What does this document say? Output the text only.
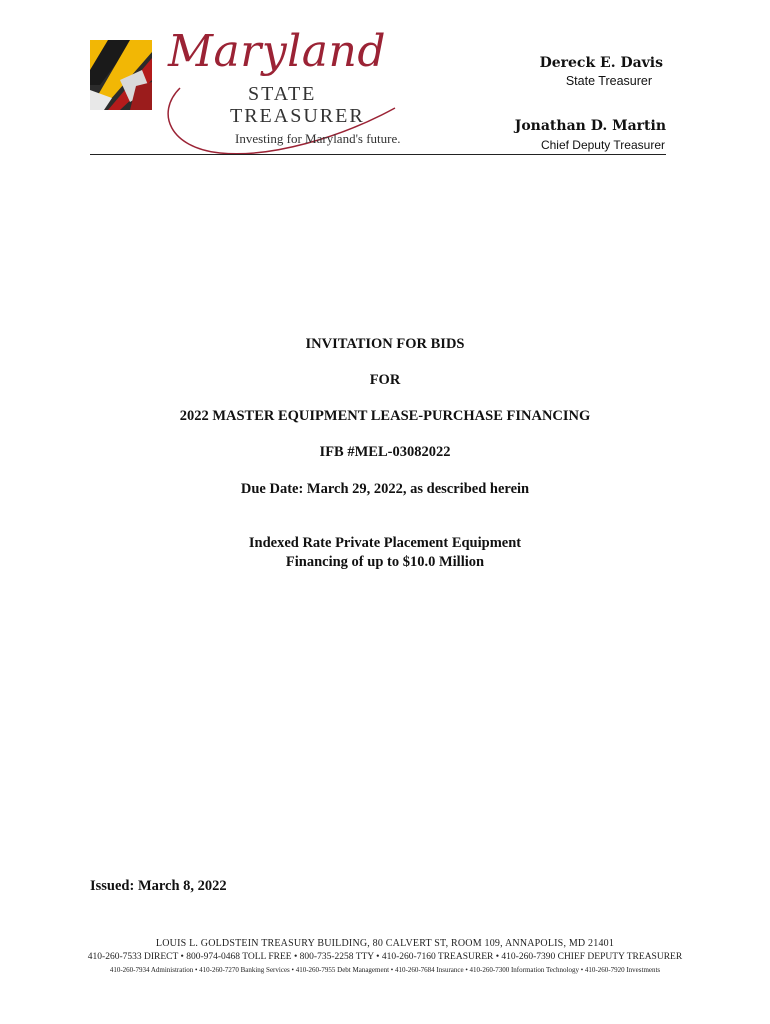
Maryland
STATE
TREASURER
Investing for Maryland's future.
Dereck E. Davis
State Treasurer
Jonathan D. Martin
Chief Deputy Treasurer
INVITATION FOR BIDS
FOR
2022 MASTER EQUIPMENT LEASE-PURCHASE FINANCING
IFB #MEL-03082022
Due Date: March 29, 2022, as described herein
Indexed Rate Private Placement Equipment
Financing of up to $10.0 Million
Issued: March 8, 2022
LOUIS L. GOLDSTEIN TREASURY BUILDING, 80 CALVERT ST, ROOM 109, ANNAPOLIS, MD 21401
410-260-7533 DIRECT • 800-974-0468 TOLL FREE • 800-735-2258 TTY • 410-260-7160 TREASURER • 410-260-7390 CHIEF DEPUTY TREASURER
410-260-7934 Administration • 410-260-7270 Banking Services • 410-260-7955 Debt Management • 410-260-7684 Insurance • 410-260-7300 Information Technology • 410-260-7920 Investments
